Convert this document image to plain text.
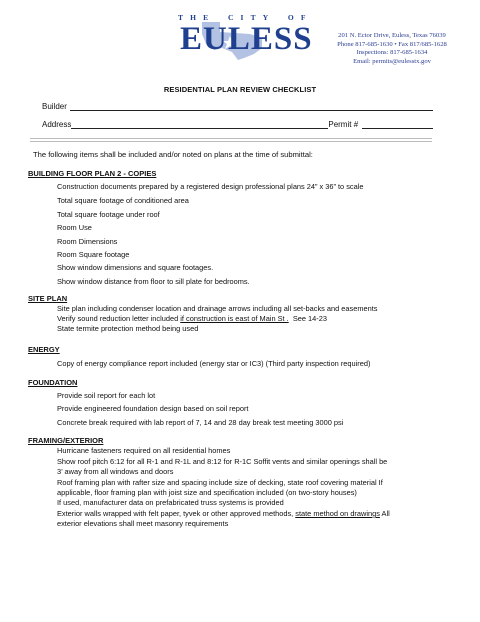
T H E	C I T Y	O F
EULESS	201 N. Ector Drive, Euless, Texas 76039
Phone 817-685-1630 • Fax 817/685-1628
Inspections: 817-685-1634
Email: permits@eulesstx.gov
RESIDENTIAL PLAN REVIEW CHECKLIST
Builder
Address	Permit #
The following items shall be included and/or noted on plans at the time of submittal:
BUILDING FLOOR PLAN 2 - COPIES
Construction documents prepared by a registered design professional plans 24” x 36” to scale
Total square footage of conditioned area
Total square footage under roof
Room Use
Room Dimensions
Room Square footage
Show window dimensions and square footages.
Show window distance from floor to sill plate for bedrooms.
SITE PLAN
Site plan including condenser location and drainage arrows including all set-backs and easements
Verify sound reduction letter included if construction is east of Main St .  See 14-23
State termite protection method being used
ENERGY
Copy of energy compliance report included (energy star or IC3) (Third party inspection required)
FOUNDATION
Provide soil report for each lot
Provide engineered foundation design based on soil report
Concrete break required with lab report of 7, 14 and 28 day break test meeting 3000 psi
FRAMING/EXTERIOR
Hurricane fasteners required on all residential homes
Show roof pitch 6:12 for all R-1 and R-1L and 8:12 for R-1C Soffit vents and similar openings shall be
3’ away from all windows and doors
Roof framing plan with rafter size and spacing include size of decking, state roof covering material If
applicable, floor framing plan with joist size and specification included (on two-story houses)
If used, manufacturer data on prefabricated truss systems is provided
Exterior walls wrapped with felt paper, tyvek or other approved methods, state method on drawings All
exterior elevations shall meet masonry requirements
